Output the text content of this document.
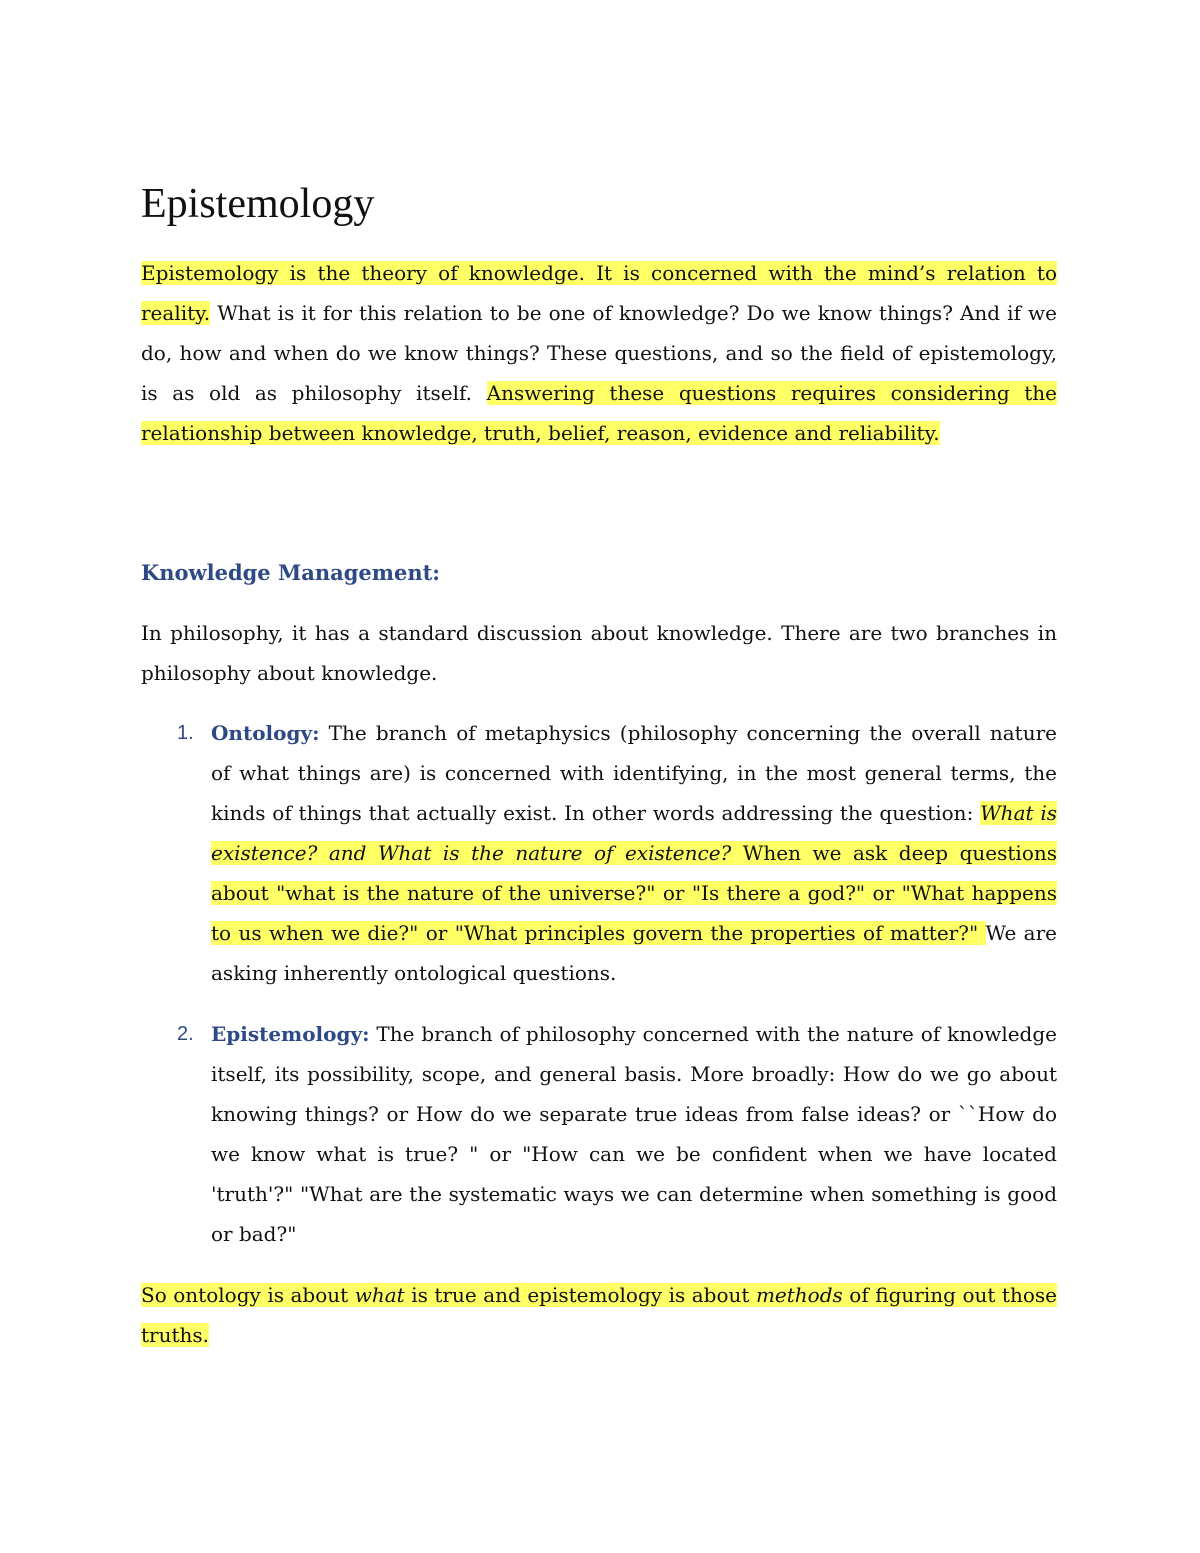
Epistemology

Epistemology is the theory of knowledge. It is concerned with the mind’s relation to reality. What is it for this relation to be one of knowledge? Do we know things? And if we do, how and when do we know things? These questions, and so the field of epistemology, is as old as philosophy itself. Answering these questions requires considering the relationship between knowledge, truth, belief, reason, evidence and reliability.

Knowledge Management:

In philosophy, it has a standard discussion about knowledge. There are two branches in philosophy about knowledge.

1. Ontology: The branch of metaphysics (philosophy concerning the overall nature of what things are) is concerned with identifying, in the most general terms, the kinds of things that actually exist. In other words addressing the question: What is existence? and What is the nature of existence? When we ask deep questions about "what is the nature of the universe?" or "Is there a god?" or "What happens to us when we die?" or "What principles govern the properties of matter?" We are asking inherently ontological questions.

2. Epistemology: The branch of philosophy concerned with the nature of knowledge itself, its possibility, scope, and general basis. More broadly: How do we go about knowing things? or How do we separate true ideas from false ideas? or ``How do we know what is true? " or "How can we be confident when we have located 'truth'?" "What are the systematic ways we can determine when something is good or bad?"

So ontology is about what is true and epistemology is about methods of figuring out those truths.
